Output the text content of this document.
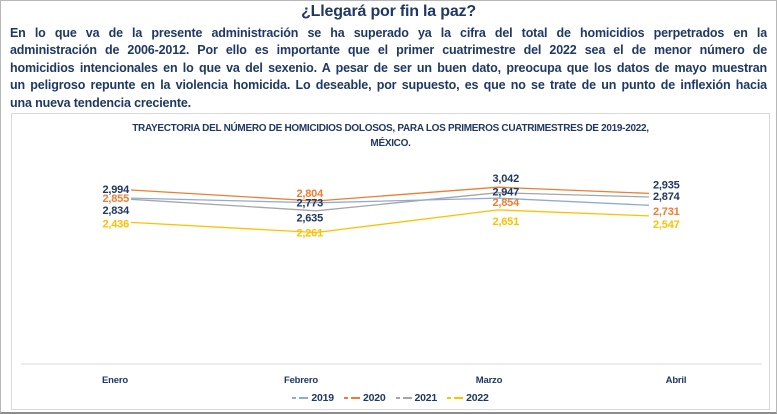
¿Llegará por fin la paz?
En lo que va de la presente administración se ha superado ya la cifra del total de homicidios perpetrados en la
administración de 2006-2012. Por ello es importante que el primer cuatrimestre del 2022 sea el de menor número de
homicidios intencionales en lo que va del sexenio. A pesar de ser un buen dato, preocupa que los datos de mayo muestran
un peligroso repunte en la violencia homicida. Lo deseable, por supuesto, es que no se trate de un punto de inflexión hacia
una nueva tendencia creciente.
TRAYECTORIA DEL NÚMERO DE HOMICIDIOS DOLOSOS, PARA LOS PRIMEROS CUATRIMESTRES DE 2019-2022,
MÉXICO.
2,855	2,773	2,854
2,731
2,994	2,804
3,042
2,935
2,834
2,635
2,947	2,874
2,436
2,261
2,651	2,547
Enero	Febrero	Marzo	Abril
2019	2020	2021	2022
